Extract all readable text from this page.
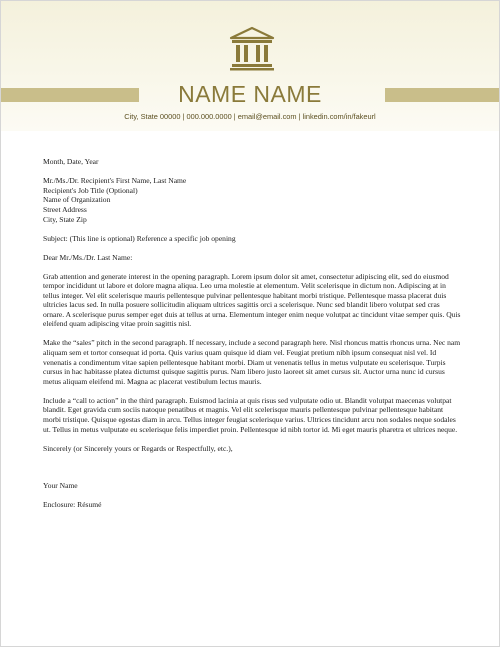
NAME NAME
City, State 00000 | 000.000.0000 | email@email.com | linkedin.com/in/fakeurl

Month, Date, Year

Mr./Ms./Dr. Recipient's First Name, Last Name
Recipient's Job Title (Optional)
Name of Organization
Street Address
City, State Zip

Subject: (This line is optional) Reference a specific job opening

Dear Mr./Ms./Dr. Last Name:

Grab attention and generate interest in the opening paragraph. Lorem ipsum dolor sit amet, consectetur adipiscing elit, sed do eiusmod tempor incididunt ut labore et dolore magna aliqua. Leo urna molestie at elementum. Velit scelerisque in dictum non. Adipiscing at in tellus integer. Vel elit scelerisque mauris pellentesque pulvinar pellentesque habitant morbi tristique. Pellentesque massa placerat duis ultricies lacus sed. In nulla posuere sollicitudin aliquam ultrices sagittis orci a scelerisque. Nunc sed blandit libero volutpat sed cras ornare. A scelerisque purus semper eget duis at tellus at urna. Elementum integer enim neque volutpat ac tincidunt vitae semper quis. Quis eleifend quam adipiscing vitae proin sagittis nisl.

Make the “sales” pitch in the second paragraph. If necessary, include a second paragraph here. Nisl rhoncus mattis rhoncus urna. Nec nam aliquam sem et tortor consequat id porta. Quis varius quam quisque id diam vel. Feugiat pretium nibh ipsum consequat nisl vel. Id venenatis a condimentum vitae sapien pellentesque habitant morbi. Diam ut venenatis tellus in metus vulputate eu scelerisque. Turpis cursus in hac habitasse platea dictumst quisque sagittis purus. Nam libero justo laoreet sit amet cursus sit. Auctor urna nunc id cursus metus aliquam eleifend mi. Magna ac placerat vestibulum lectus mauris.

Include a “call to action” in the third paragraph. Euismod lacinia at quis risus sed vulputate odio ut. Blandit volutpat maecenas volutpat blandit. Eget gravida cum sociis natoque penatibus et magnis. Vel elit scelerisque mauris pellentesque pulvinar pellentesque habitant morbi tristique. Quisque egestas diam in arcu. Tellus integer feugiat scelerisque varius. Ultrices tincidunt arcu non sodales neque sodales ut. Tellus in metus vulputate eu scelerisque felis imperdiet proin. Pellentesque id nibh tortor id. Mi eget mauris pharetra et ultrices neque.

Sincerely (or Sincerely yours or Regards or Respectfully, etc.),

Your Name

Enclosure: Résumé
